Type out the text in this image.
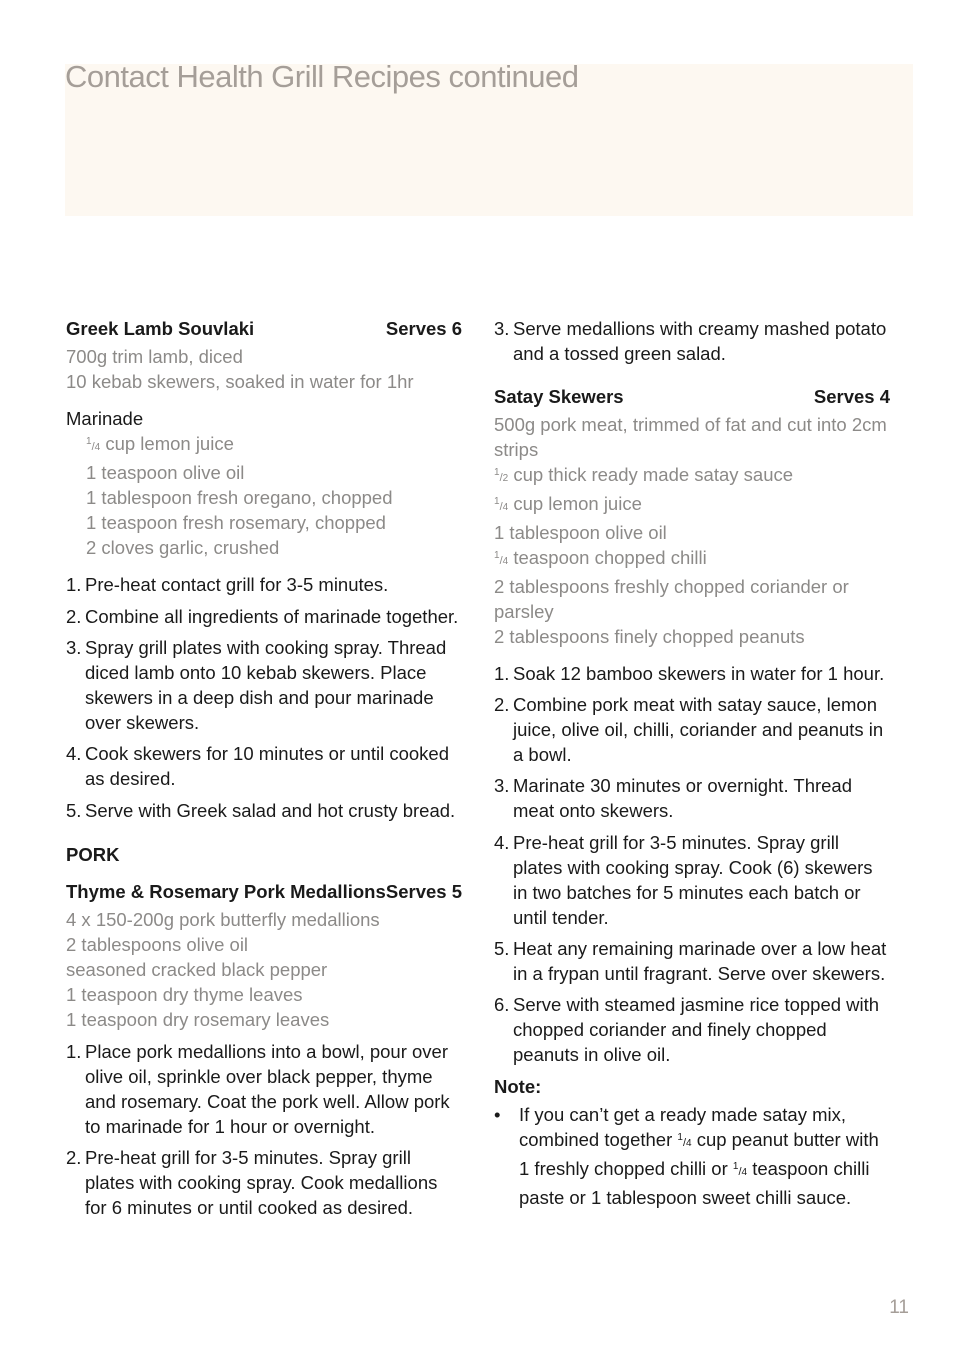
Contact Health Grill Recipes continued
Greek Lamb Souvlaki	Serves 6

700g trim lamb, diced

10 kebab skewers, soaked in water for 1hr

Marinade

$^1$/4 cup lemon juice

1 teaspoon olive oil

1 tablespoon fresh oregano, chopped

1 teaspoon fresh rosemary, chopped

2 cloves garlic, crushed

1. Pre-heat contact grill for 3-5 minutes.
2. Combine all ingredients of marinade together.
3. Spray grill plates with cooking spray. Thread diced lamb onto 10 kebab skewers. Place skewers in a deep dish and pour marinade over skewers.
4. Cook skewers for 10 minutes or until cooked as desired.
5. Serve with Greek salad and hot crusty bread.

PORK

Thyme & Rosemary Pork Medallions Serves 5

4 x 150-200g pork butterfly medallions

2 tablespoons olive oil

seasoned cracked black pepper

1 teaspoon dry thyme leaves

1 teaspoon dry rosemary leaves

1. Place pork medallions into a bowl, pour over olive oil, sprinkle over black pepper, thyme and rosemary. Coat the pork well. Allow pork to marinade for 1 hour or overnight.
2. Pre-heat grill for 3-5 minutes. Spray grill plates with cooking spray. Cook medallions for 6 minutes or until cooked as desired.
3. Serve medallions with creamy mashed potato and a tossed green salad.
Satay Skewers	Serves 4

500g pork meat, trimmed of fat and cut into 2cm strips

$^1$/2 cup thick ready made satay sauce

$^1$/4 cup lemon juice

1 tablespoon olive oil

$^1$/4 teaspoon chopped chilli

2 tablespoons freshly chopped coriander or parsley

2 tablespoons finely chopped peanuts

1. Soak 12 bamboo skewers in water for 1 hour.
2. Combine pork meat with satay sauce, lemon juice, olive oil, chilli, coriander and peanuts in a bowl.
3. Marinate 30 minutes or overnight. Thread meat onto skewers.
4. Pre-heat grill for 3-5 minutes. Spray grill plates with cooking spray. Cook (6) skewers in two batches for 5 minutes each batch or until tender.
5. Heat any remaining marinade over a low heat in a frypan until fragrant. Serve over skewers.
6. Serve with steamed jasmine rice topped with chopped coriander and finely chopped peanuts in olive oil.

Note:

•	If you can’t get a ready made satay mix, combined together $^1$/4 cup peanut butter with 1 freshly chopped chilli or $^1$/4 teaspoon chilli paste or 1 tablespoon sweet chilli sauce.

11
